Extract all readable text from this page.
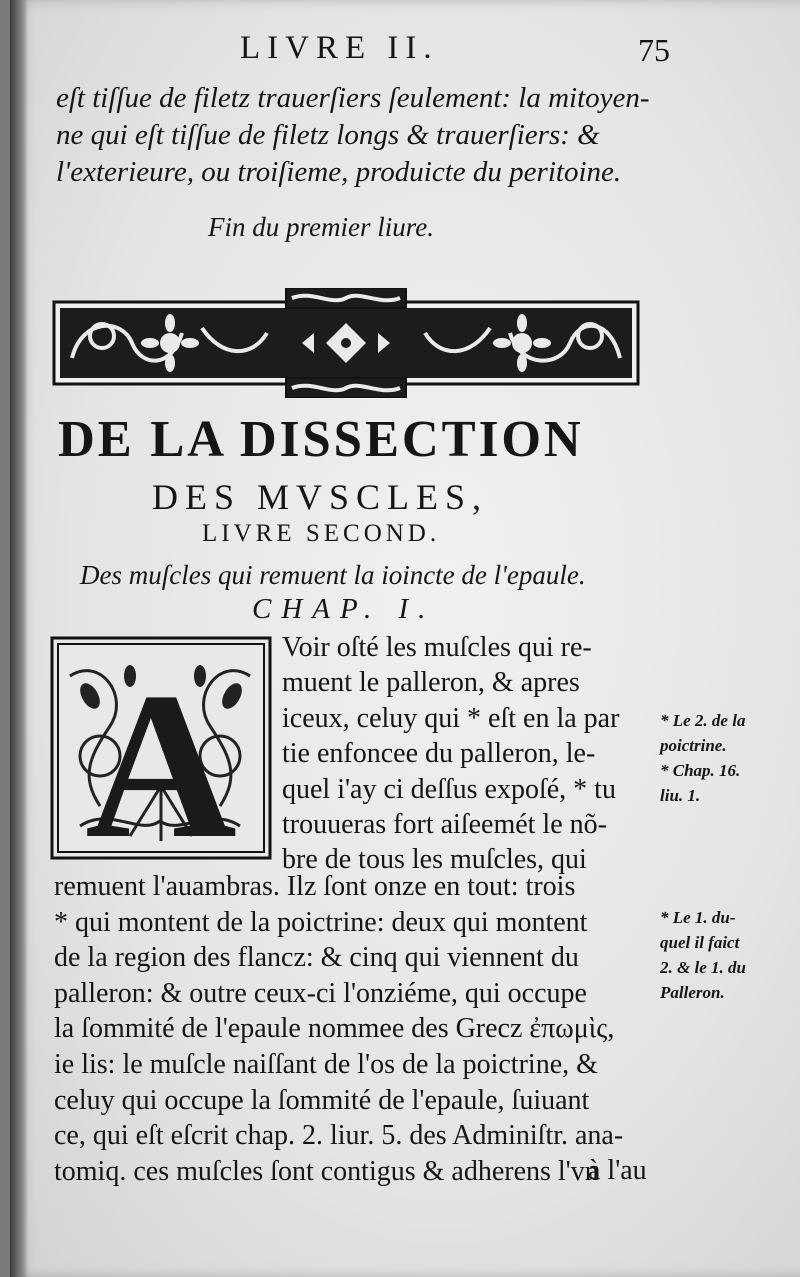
LIVRE II.	75
eſt tiſſue de filetz trauerſiers ſeulement: la mitoyen-
ne qui eſt tiſſue de filetz longs & trauerſiers: &
l'exterieure, ou troiſieme, produicte du peritoine.
Fin du premier liure.
DE LA DISSECTION
DES MVSCLES,
LIVRE SECOND.
Des muſcles qui remuent la ioincte de l'epaule.
CHAP. I.
A
Voir oſté les muſcles qui re-
muent le palleron, & apres
iceux, celuy qui * eſt en la par
tie enfoncee du palleron, le-
quel i'ay ci deſſus expoſé, * tu
trouueras fort aiſeemét le nõ-
bre de tous les muſcles, qui
remuent l'auambras. Ilz ſont onze en tout: trois
* qui montent de la poictrine: deux qui montent
de la region des flancz: & cinq qui viennent du
palleron: & outre ceux-ci l'onziéme, qui occupe
la ſommité de l'epaule nommee des Grecz ἐπωμὶς,
ie lis: le muſcle naiſſant de l'os de la poictrine, &
celuy qui occupe la ſommité de l'epaule, ſuiuant
ce, qui eſt eſcrit chap. 2. liur. 5. des Adminiſtr. ana-
tomiq. ces muſcles ſont contigus & adherens l'vn
à l'au
* Le 2. de la
poictrine.
* Chap. 16.
liu. 1.
* Le 1. du-
quel il faict
2. & le 1. du
Palleron.
